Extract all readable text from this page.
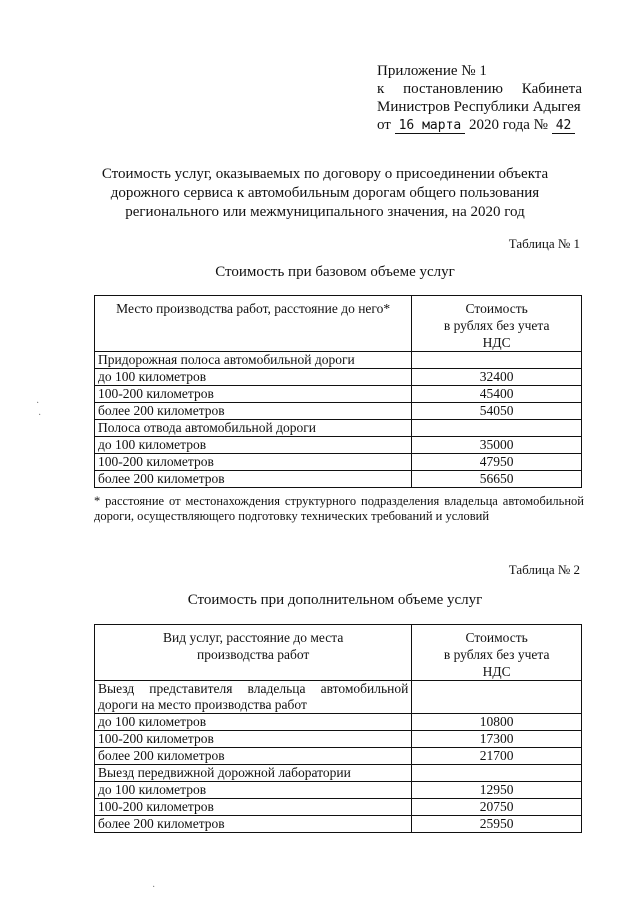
Приложение № 1
к постановлению Кабинета
Министров Республики Адыгея
от 16 марта 2020 года № 42
Стоимость услуг, оказываемых по договору о присоединении объекта дорожного сервиса к автомобильным дорогам общего пользования регионального или межмуниципального значения, на 2020 год
Таблица № 1
Стоимость при базовом объеме услуг
Место производства работ, расстояние до него*	Стоимость
в рублях без учета
НДС
Придорожная полоса автомобильной дороги	
до 100 километров	32400
100-200 километров	45400
более 200 километров	54050
Полоса отвода автомобильной дороги	
до 100 километров	35000
100-200 километров	47950
более 200 километров	56650
* расстояние от местонахождения структурного подразделения владельца автомобильной дороги, осуществляющего подготовку технических требований и условий
Таблица № 2
Стоимость при дополнительном объеме услуг
Вид услуг, расстояние до места
производства работ	Стоимость
в рублях без учета
НДС
Выезд представителя владельца автомобильной дороги на место производства работ	
до 100 километров	10800
100-200 километров	17300
более 200 километров	21700
Выезд передвижной дорожной лаборатории	
до 100 километров	12950
100-200 километров	20750
более 200 километров	25950
·
·
·
